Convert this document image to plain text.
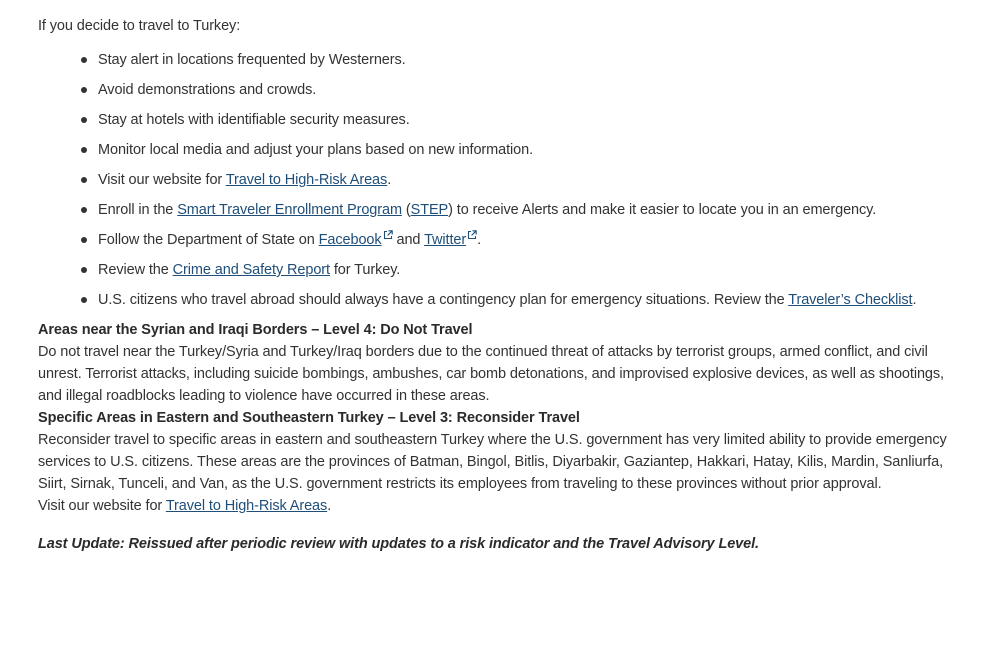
If you decide to travel to Turkey:

Stay alert in locations frequented by Westerners.
Avoid demonstrations and crowds.
Stay at hotels with identifiable security measures.
Monitor local media and adjust your plans based on new information.
Visit our website for Travel to High-Risk Areas.
Enroll in the Smart Traveler Enrollment Program (STEP) to receive Alerts and make it easier to locate you in an emergency.
Follow the Department of State on Facebook and Twitter .
Review the Crime and Safety Report for Turkey.
U.S. citizens who travel abroad should always have a contingency plan for emergency situations. Review the Traveler’s Checklist.
Areas near the Syrian and Iraqi Borders – Level 4: Do Not Travel

Do not travel near the Turkey/Syria and Turkey/Iraq borders due to the continued threat of attacks by terrorist groups, armed conflict, and civil unrest. Terrorist attacks, including suicide bombings, ambushes, car bomb detonations, and improvised explosive devices, as well as shootings, and illegal roadblocks leading to violence have occurred in these areas.

Specific Areas in Eastern and Southeastern Turkey – Level 3: Reconsider Travel

Reconsider travel to specific areas in eastern and southeastern Turkey where the U.S. government has very limited ability to provide emergency services to U.S. citizens. These areas are the provinces of Batman, Bingol, Bitlis, Diyarbakir, Gaziantep, Hakkari, Hatay, Kilis, Mardin, Sanliurfa, Siirt, Sirnak, Tunceli, and Van, as the U.S. government restricts its employees from traveling to these provinces without prior approval.

Visit our website for Travel to High-Risk Areas.

Last Update: Reissued after periodic review with updates to a risk indicator and the Travel Advisory Level.
